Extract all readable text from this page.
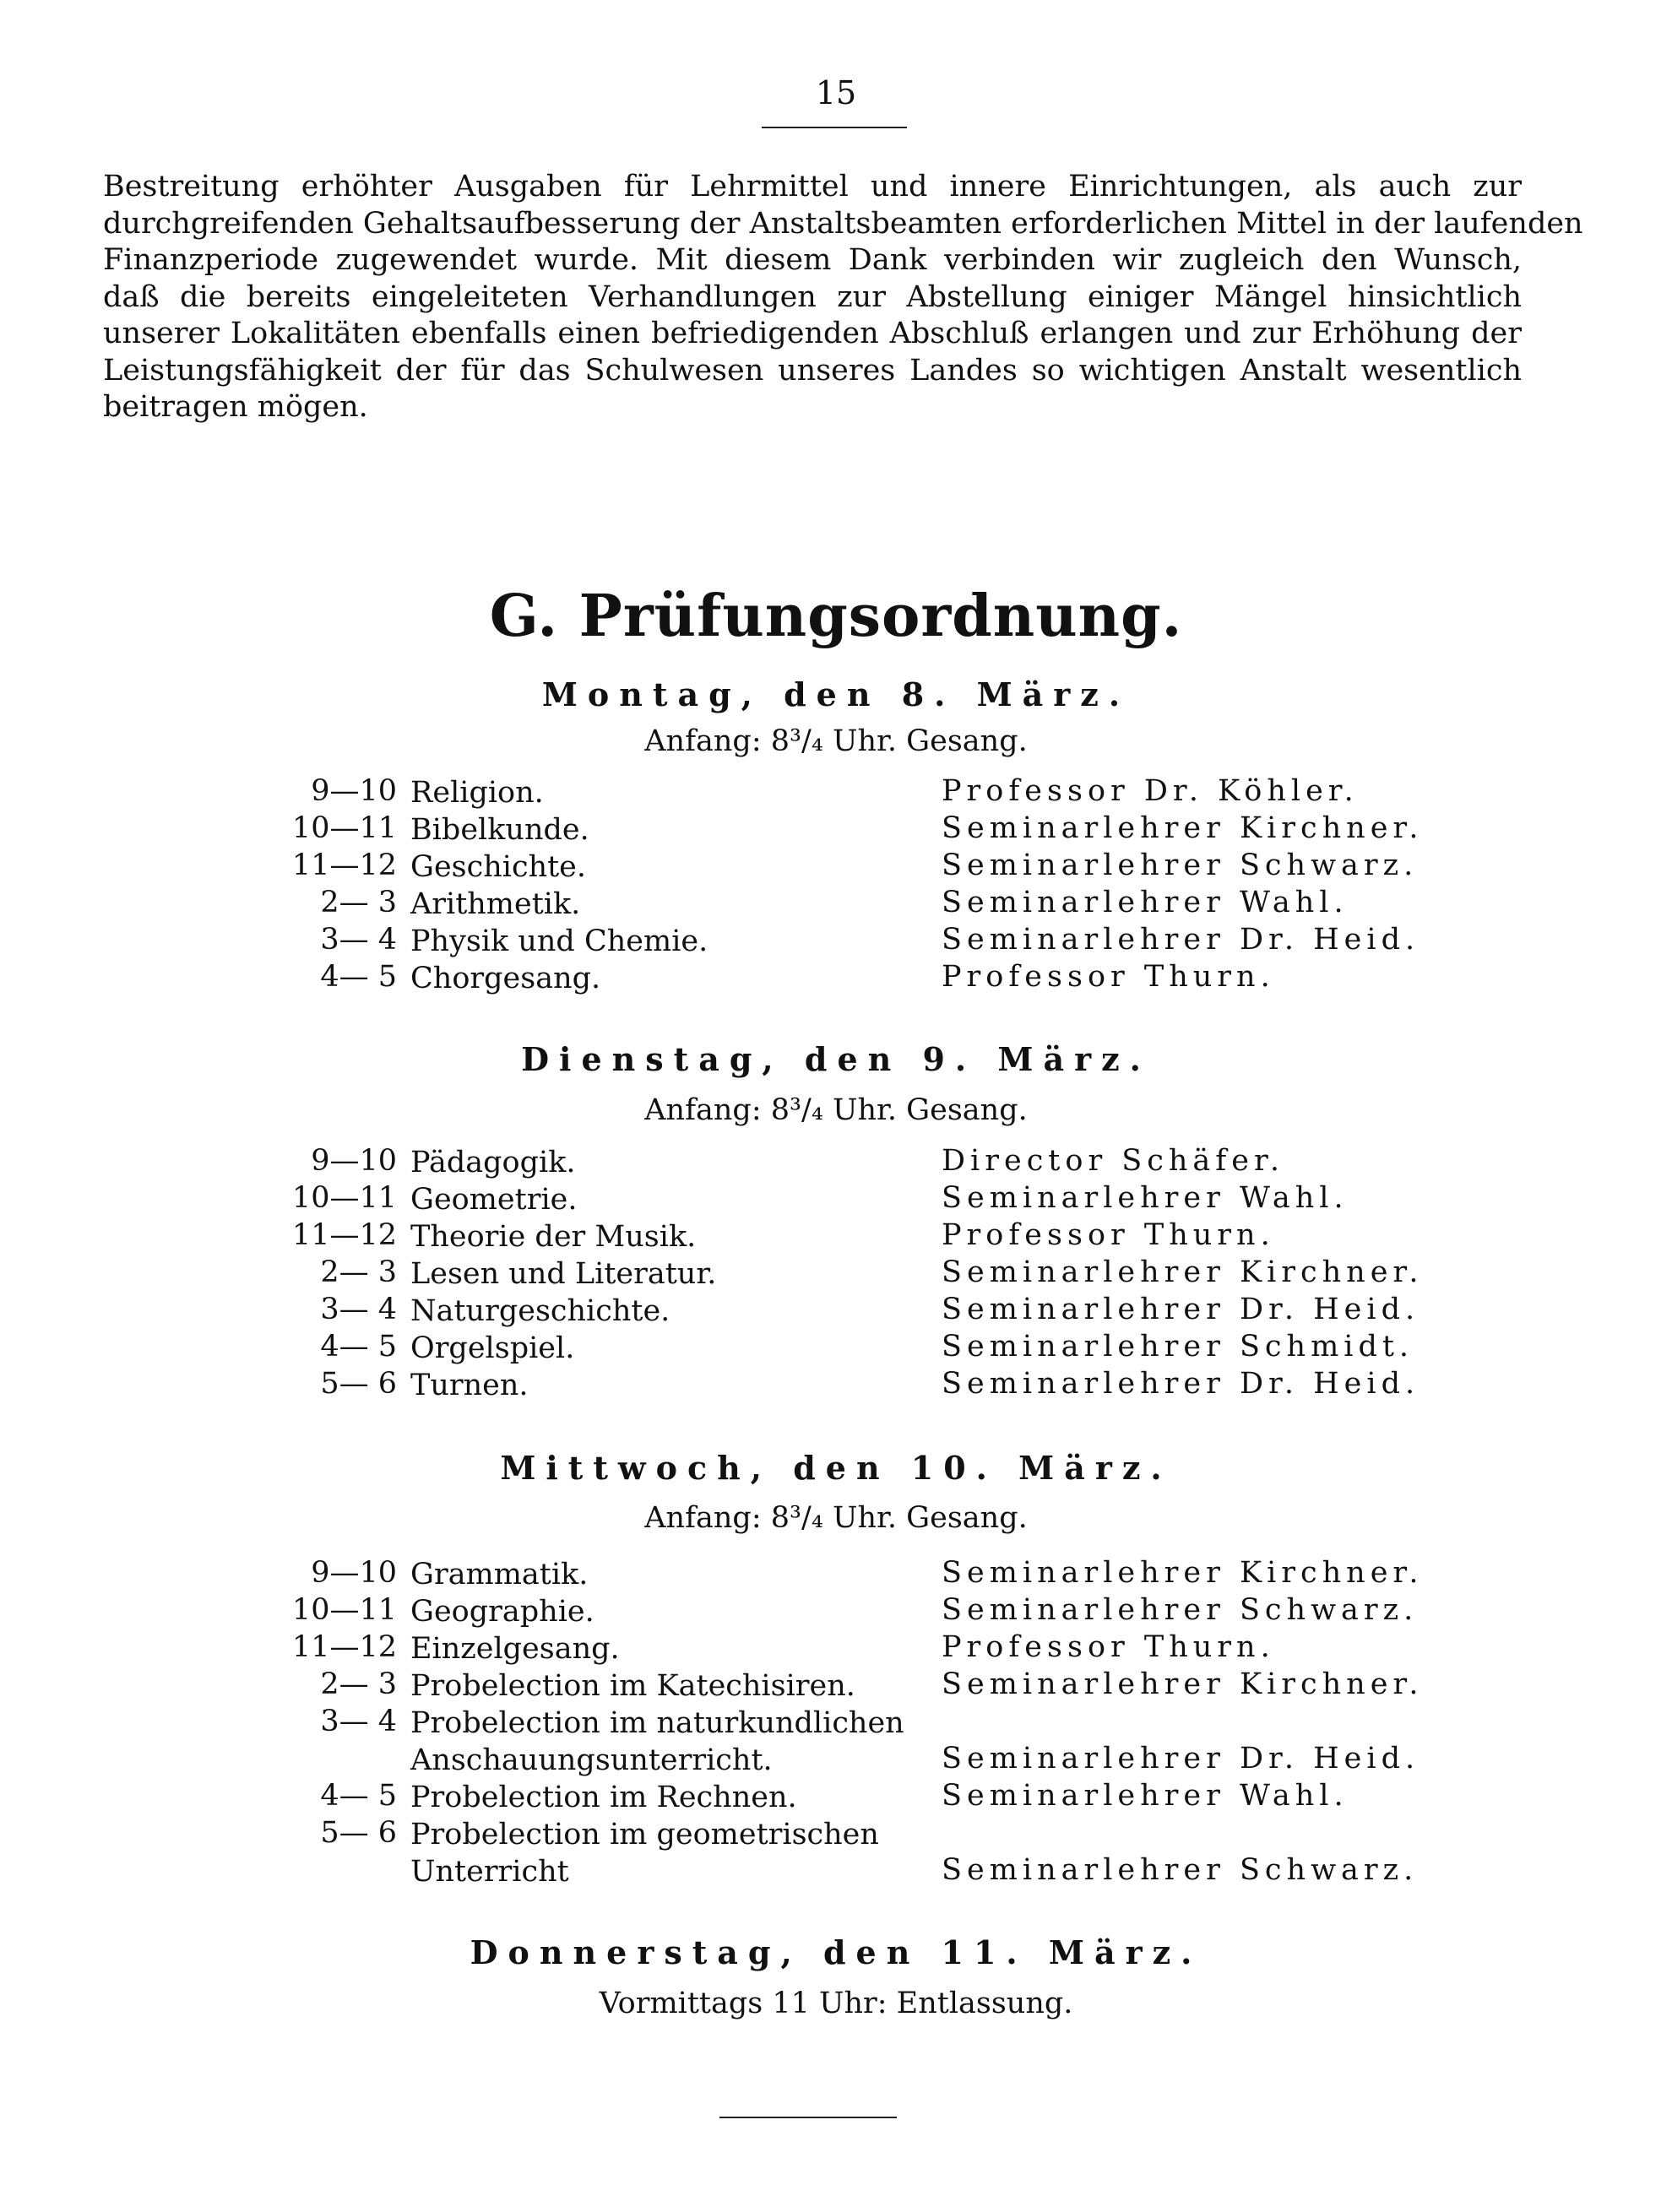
15
Bestreitung erhöhter Ausgaben für Lehrmittel und innere Einrichtungen, als auch zur
durchgreifenden Gehaltsaufbesserung der Anstaltsbeamten erforderlichen Mittel in der laufenden
Finanzperiode zugewendet wurde. Mit diesem Dank verbinden wir zugleich den Wunsch,
daß die bereits eingeleiteten Verhandlungen zur Abstellung einiger Mängel hinsichtlich
unserer Lokalitäten ebenfalls einen befriedigenden Abschluß erlangen und zur Erhöhung der
Leistungsfähigkeit der für das Schulwesen unseres Landes so wichtigen Anstalt wesentlich
beitragen mögen.
G. Prüfungsordnung.
Montag, den 8. März.
Anfang: 8³/₄ Uhr. Gesang.
9—10 Religion.	Professor Dr. Köhler.
10—11 Bibelkunde.	Seminarlehrer Kirchner.
11—12 Geschichte.	Seminarlehrer Schwarz.
2— 3 Arithmetik.	Seminarlehrer Wahl.
3— 4 Physik und Chemie.	Seminarlehrer Dr. Heid.
4— 5 Chorgesang.	Professor Thurn.
Dienstag, den 9. März.
Anfang: 8³/₄ Uhr. Gesang.
9—10 Pädagogik.	Director Schäfer.
10—11 Geometrie.	Seminarlehrer Wahl.
11—12 Theorie der Musik.	Professor Thurn.
2— 3 Lesen und Literatur.	Seminarlehrer Kirchner.
3— 4 Naturgeschichte.	Seminarlehrer Dr. Heid.
4— 5 Orgelspiel.	Seminarlehrer Schmidt.
5— 6 Turnen.	Seminarlehrer Dr. Heid.
Mittwoch, den 10. März.
Anfang: 8³/₄ Uhr. Gesang.
9—10 Grammatik.	Seminarlehrer Kirchner.
10—11 Geographie.	Seminarlehrer Schwarz.
11—12 Einzelgesang.	Professor Thurn.
2— 3 Probelection im Katechisiren.	Seminarlehrer Kirchner.
3— 4 Probelection im naturkundlichen Anschauungsunterricht.	Seminarlehrer Dr. Heid.
4— 5 Probelection im Rechnen.	Seminarlehrer Wahl.
5— 6 Probelection im geometrischen Unterricht	Seminarlehrer Schwarz.
Donnerstag, den 11. März.
Vormittags 11 Uhr: Entlassung.
